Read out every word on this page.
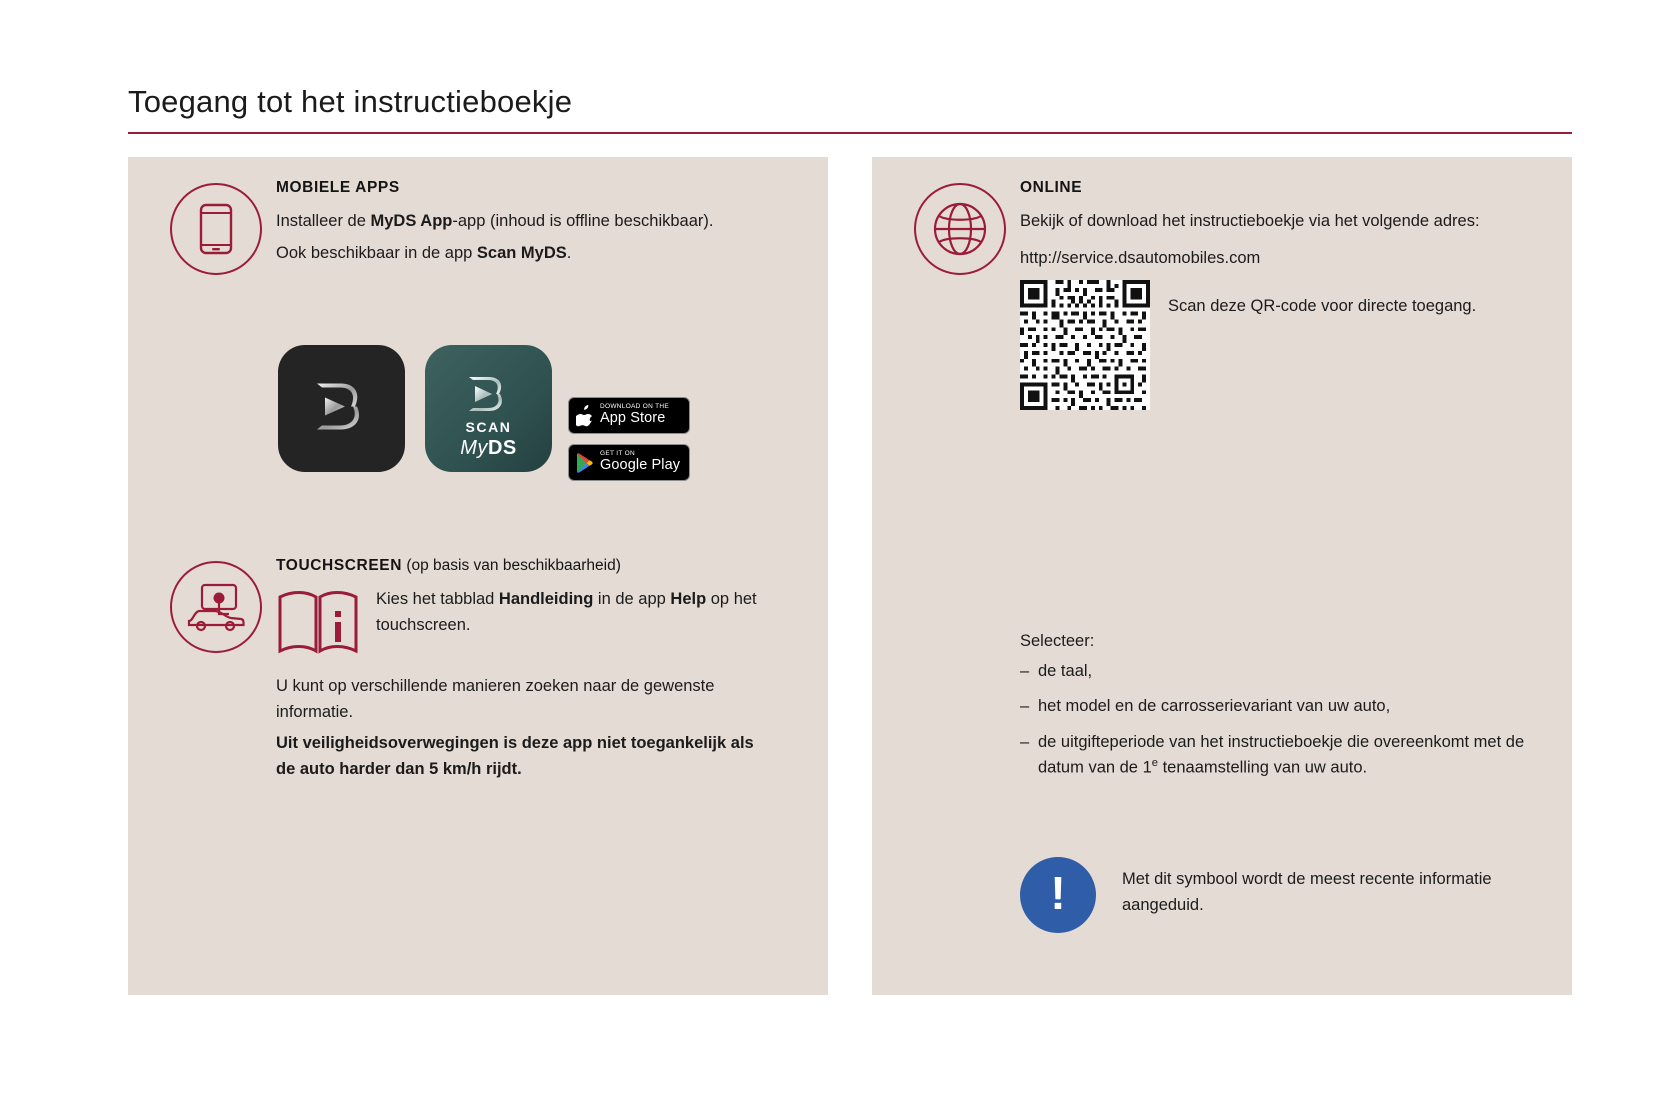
Toegang tot het instructieboekje
MOBIELE APPS

Installeer de MyDS App-app (inhoud is offline beschikbaar).

Ook beschikbaar in de app Scan MyDS.

SCAN
MyDS
DOWNLOAD ON THE
App Store
GET IT ON
Google Play
TOUCHSCREEN (op basis van beschikbaarheid)

Kies het tabblad Handleiding in de app Help op het touchscreen.

U kunt op verschillende manieren zoeken naar de gewenste informatie.

Uit veiligheidsoverwegingen is deze app niet toegankelijk als de auto harder dan 5 km/h rijdt.

ONLINE

Bekijk of download het instructieboekje via het volgende adres:

http://service.dsautomobiles.com

Scan deze QR-code voor directe toegang.

Selecteer:

– de taal,

– het model en de carrosserievariant van uw auto,

– de uitgifteperiode van het instructieboekje die overeenkomt met de datum van de 1e tenaamstelling van uw auto.

!	Met dit symbool wordt de meest recente informatie aangeduid.
